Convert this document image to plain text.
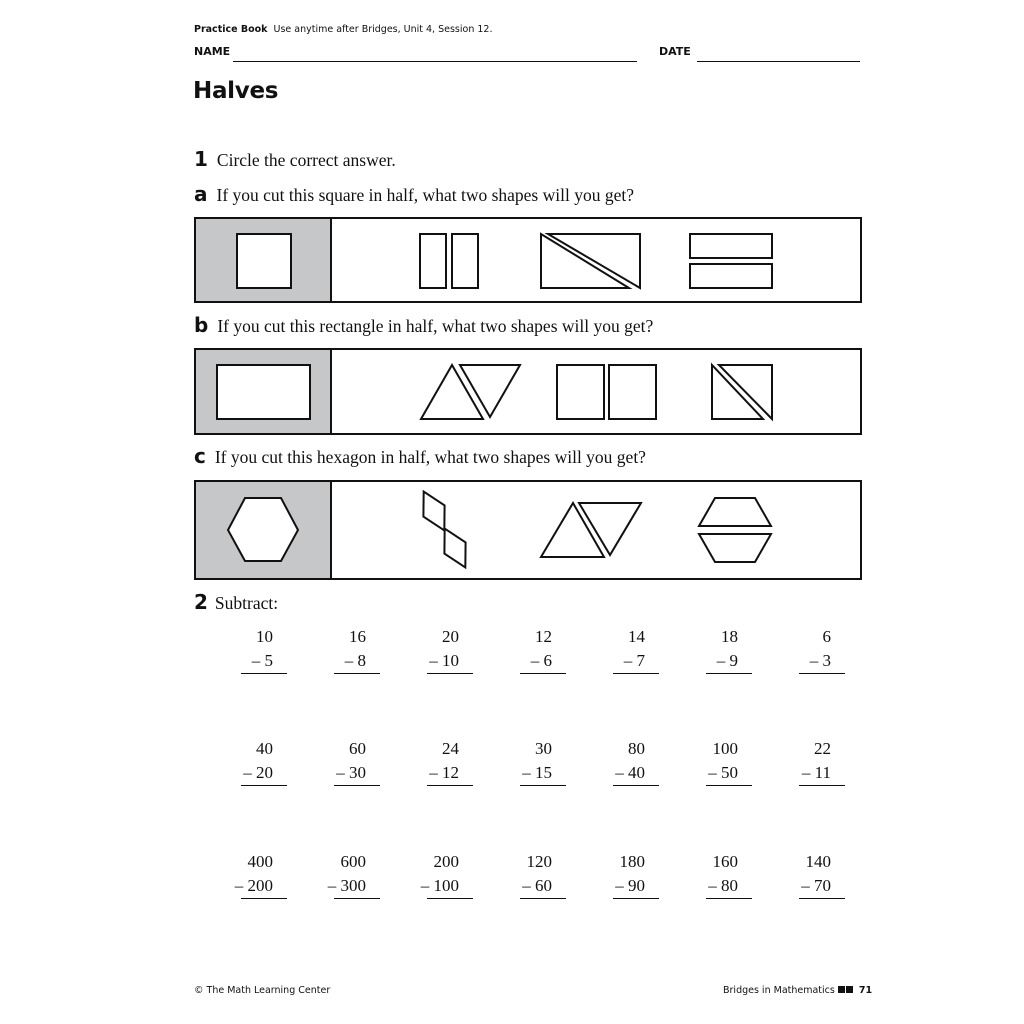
Practice Book Use anytime after Bridges, Unit 4, Session 12.
NAME	DATE
Halves
1 Circle the correct answer.
a If you cut this square in half, what two shapes will you get?
b If you cut this rectangle in half, what two shapes will you get?
c If you cut this hexagon in half, what two shapes will you get?
2 Subtract:
10
– 5
16
– 8
20
– 10
12
– 6
14
– 7
18
– 9
6
– 3
40
– 20
60
– 30
24
– 12
30
– 15
80
– 40
100
– 50
22
– 11
400
– 200
600
– 300
200
– 100
120
– 60
180
– 90
160
– 80
140
– 70
© The Math Learning Center	Bridges in Mathematics	71
